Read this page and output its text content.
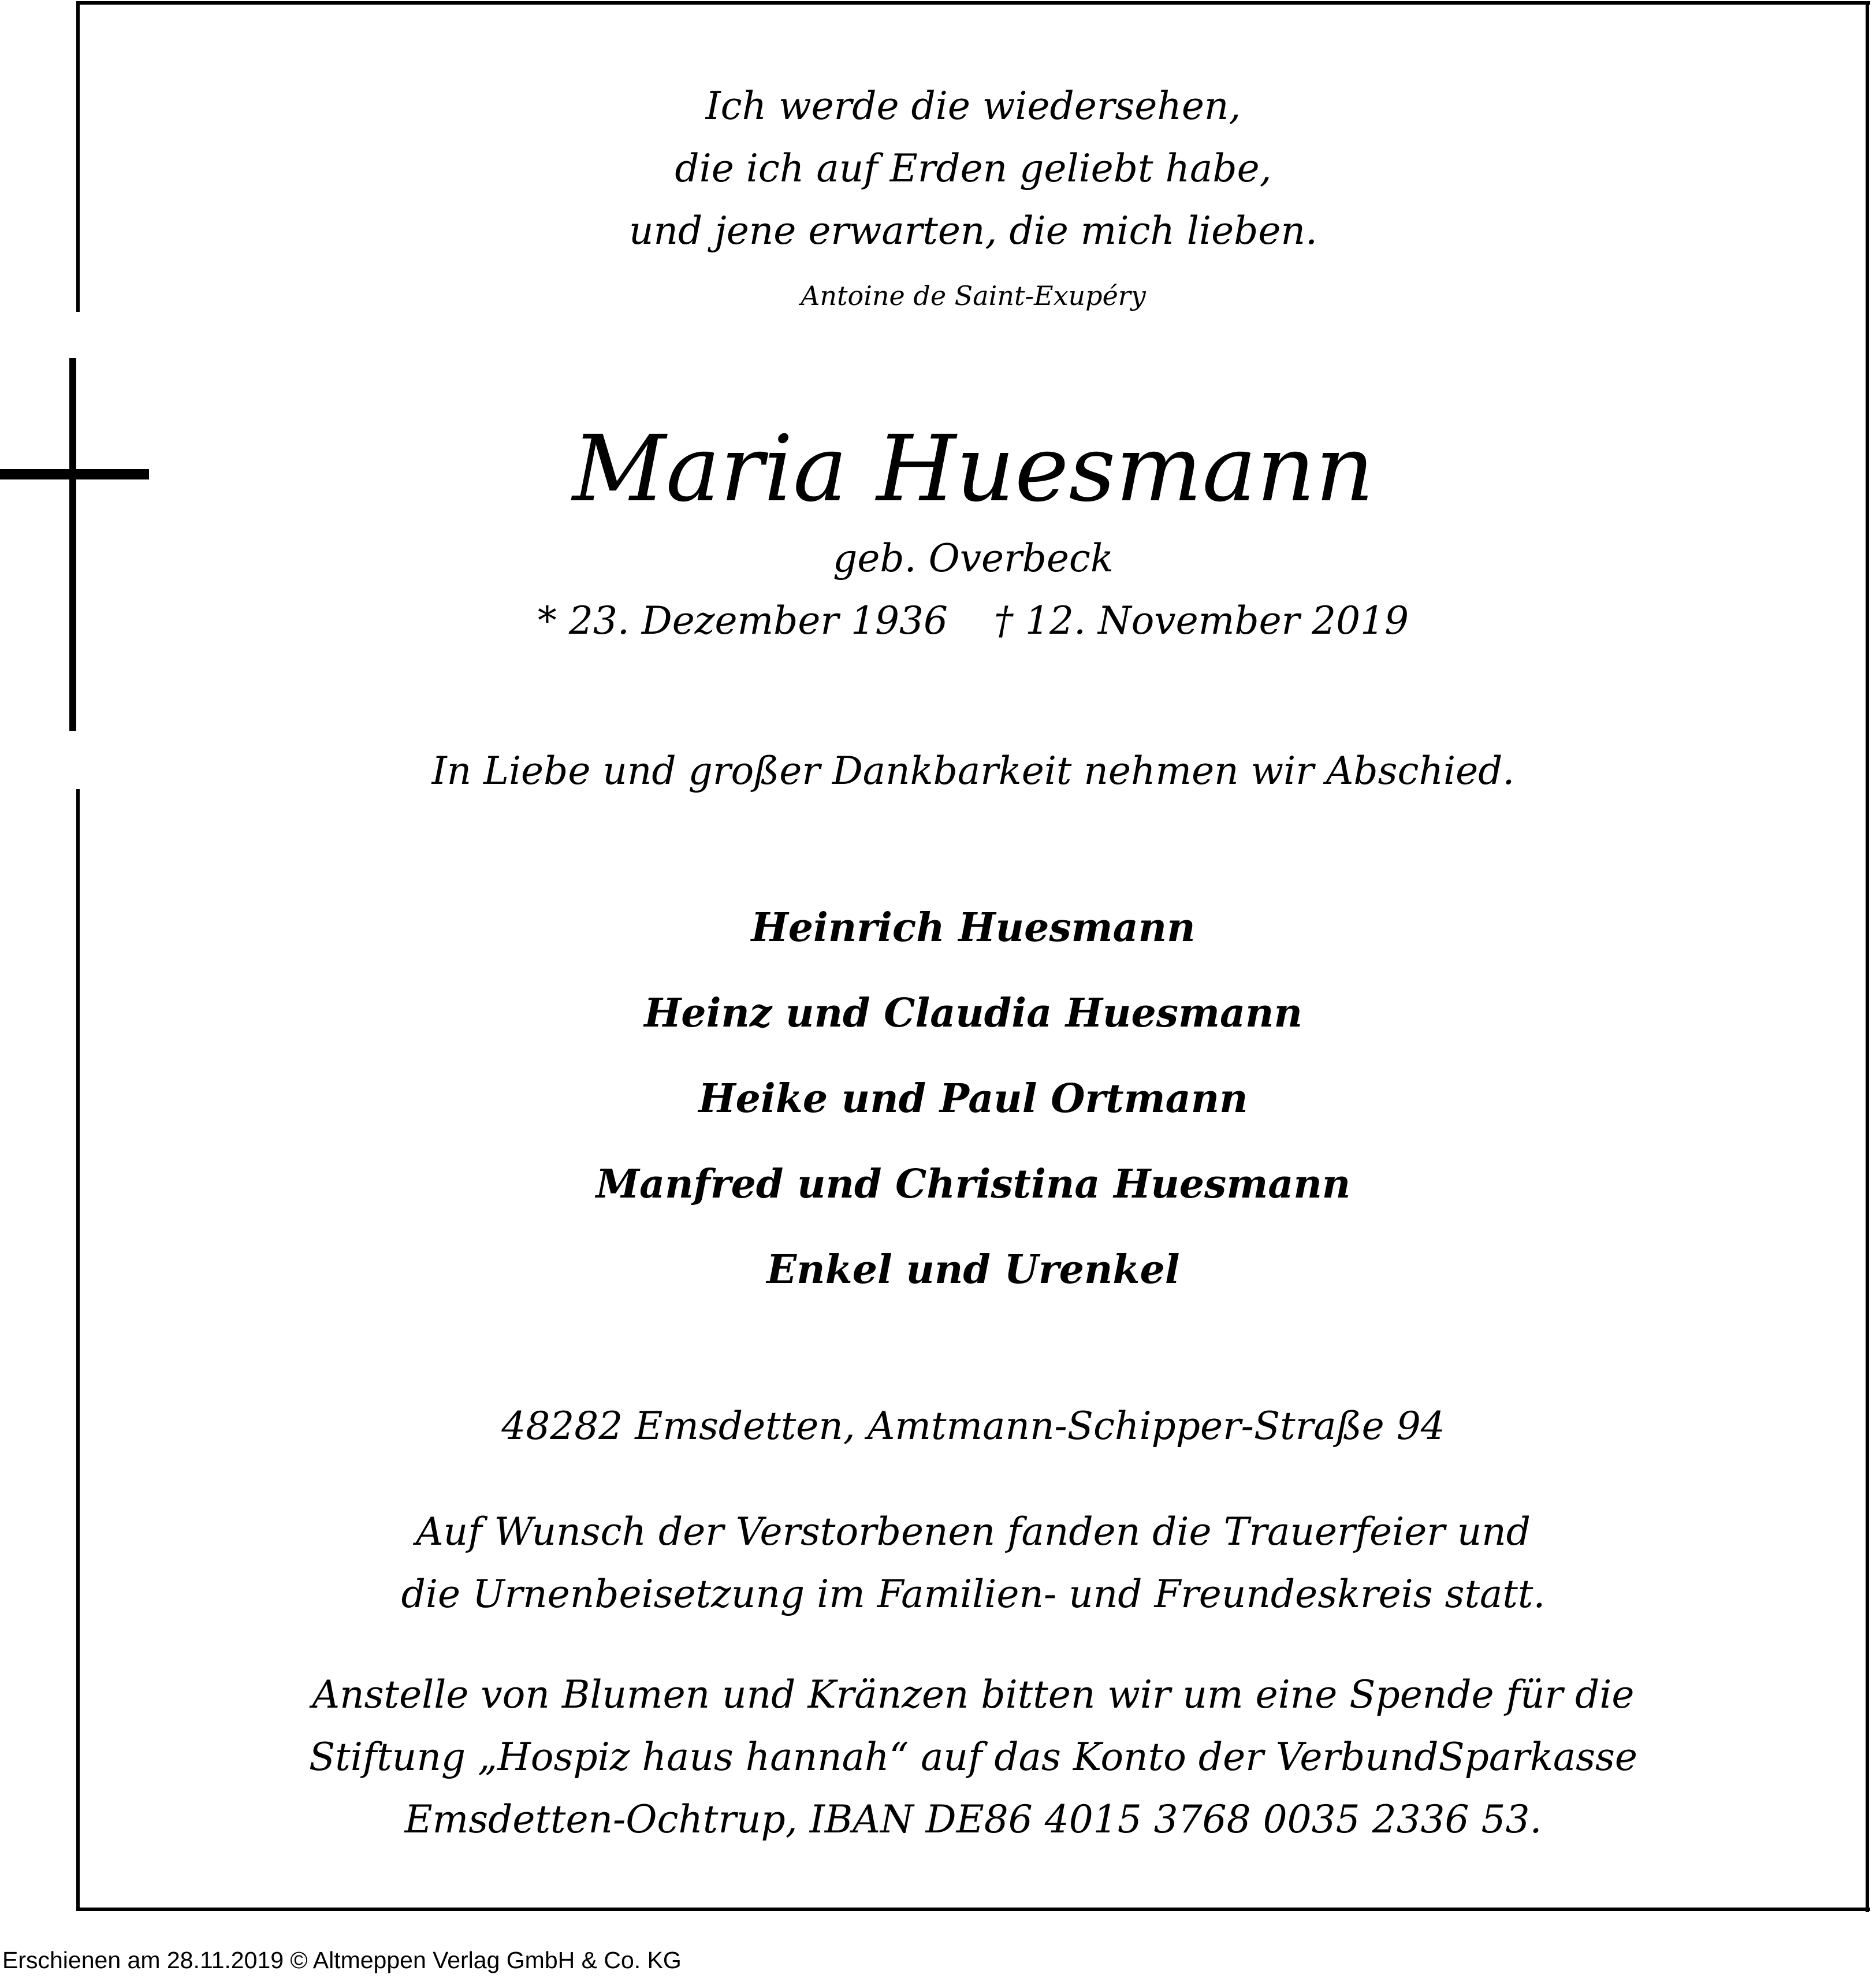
Ich werde die wiedersehen,
die ich auf Erden geliebt habe,
und jene erwarten, die mich lieben.
Antoine de Saint-Exupéry
Maria Huesmann
geb. Overbeck
* 23. Dezember 1936 † 12. November 2019
In Liebe und großer Dankbarkeit nehmen wir Abschied.
Heinrich Huesmann
Heinz und Claudia Huesmann
Heike und Paul Ortmann
Manfred und Christina Huesmann
Enkel und Urenkel
48282 Emsdetten, Amtmann-Schipper-Straße 94
Auf Wunsch der Verstorbenen fanden die Trauerfeier und
die Urnenbeisetzung im Familien- und Freundeskreis statt.
Anstelle von Blumen und Kränzen bitten wir um eine Spende für die
Stiftung „Hospiz haus hannah“ auf das Konto der VerbundSparkasse
Emsdetten-Ochtrup, IBAN DE86 4015 3768 0035 2336 53.
Erschienen am 28.11.2019 © Altmeppen Verlag GmbH & Co. KG
